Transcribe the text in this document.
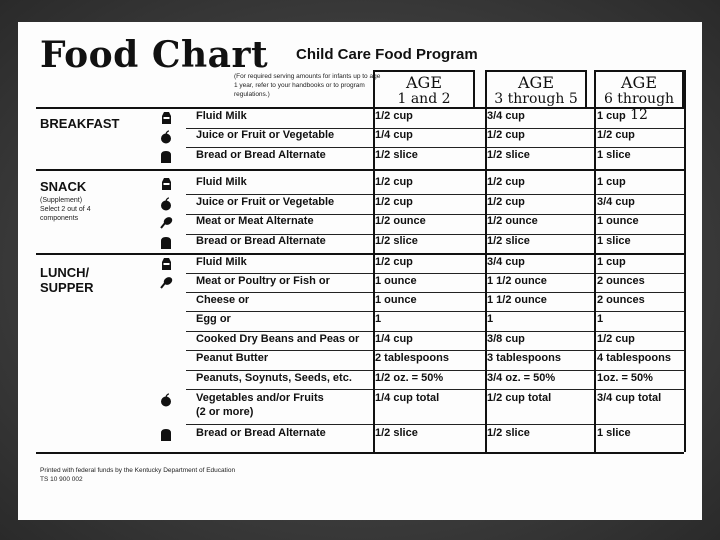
Food Chart Child Care Food Program
(For required serving amounts for infants up to age 1 year, refer to your handbooks or to program regulations.)
AGE
1 and 2
AGE
3 through 5
AGE
6 through 12
BREAKFAST
SNACK
(Supplement)
Select 2 out of 4
components
LUNCH/
SUPPER
Fluid Milk	1/2 cup	3/4 cup	1 cup
Juice or Fruit or Vegetable	1/4 cup	1/2 cup	1/2 cup
Bread or Bread Alternate	1/2 slice	1/2 slice	1 slice
Fluid Milk	1/2 cup	1/2 cup	1 cup
Juice or Fruit or Vegetable	1/2 cup	1/2 cup	3/4 cup
Meat or Meat Alternate	1/2 ounce	1/2 ounce	1 ounce
Bread or Bread Alternate	1/2 slice	1/2 slice	1 slice
Fluid Milk	1/2 cup	3/4 cup	1 cup
Meat or Poultry or Fish or	1 ounce	1 1/2 ounce	2 ounces
Cheese or	1 ounce	1 1/2 ounce	2 ounces
Egg or	1	1	1
Cooked Dry Beans and Peas or 1/4 cup	3/8 cup	1/2 cup
Peanut Butter	2 tablespoons	3 tablespoons	4 tablespoons
Peanuts, Soynuts, Seeds, etc. 1/2 oz. = 50%	3/4 oz. = 50%	1oz. = 50%
Vegetables and/or Fruits
(2 or more)
1/4 cup total	1/2 cup total	3/4 cup total
Bread or Bread Alternate	1/2 slice	1/2 slice	1 slice
Printed with federal funds by the Kentucky Department of Education
TS 10 900 002
